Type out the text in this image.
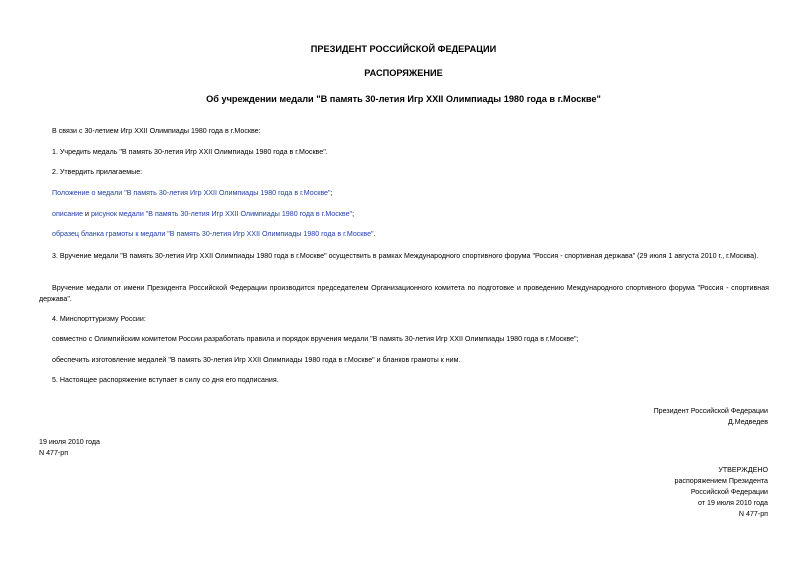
ПРЕЗИДЕНТ РОССИЙСКОЙ ФЕДЕРАЦИИ
РАСПОРЯЖЕНИЕ
Об учреждении медали "В память 30-летия Игр XXII Олимпиады 1980 года в г.Москве"
В связи с 30-летием Игр XXII Олимпиады 1980 года в г.Москве:
1. Учредить медаль "В память 30-летия Игр XXII Олимпиады 1980 года в г.Москве".
2. Утвердить прилагаемые:
Положение о медали "В память 30-летия Игр XXII Олимпиады 1980 года в г.Москве";
описание и рисунок медали "В память 30-летия Игр XXII Олимпиады 1980 года в г.Москве";
образец бланка грамоты к медали "В память 30-летия Игр XXII Олимпиады 1980 года в г.Москве".
3. Вручение медали "В память 30-летия Игр XXII Олимпиады 1980 года в г.Москве" осуществить в рамках Международного спортивного форума "Россия - спортивная держава" (29 июля 1 августа 2010 г., г.Москва).
Вручение медали от имени Президента Российской Федерации производится председателем Организационного комитета по подготовке и проведению Международного спортивного форума "Россия - спортивная держава".
4. Минспорттуризму России:
совместно с Олимпийским комитетом России разработать правила и порядок вручения медали "В память 30-летия Игр XXII Олимпиады 1980 года в г.Москве";
обеспечить изготовление медалей "В память 30-летия Игр XXII Олимпиады 1980 года в г.Москве" и бланков грамоты к ним.
5. Настоящее распоряжение вступает в силу со дня его подписания.
Президент Российской Федерации
Д.Медведев
19 июля 2010 года
N 477-рп
УТВЕРЖДЕНО
распоряжением Президента
Российской Федерации
от 19 июля 2010 года
N 477-рп
